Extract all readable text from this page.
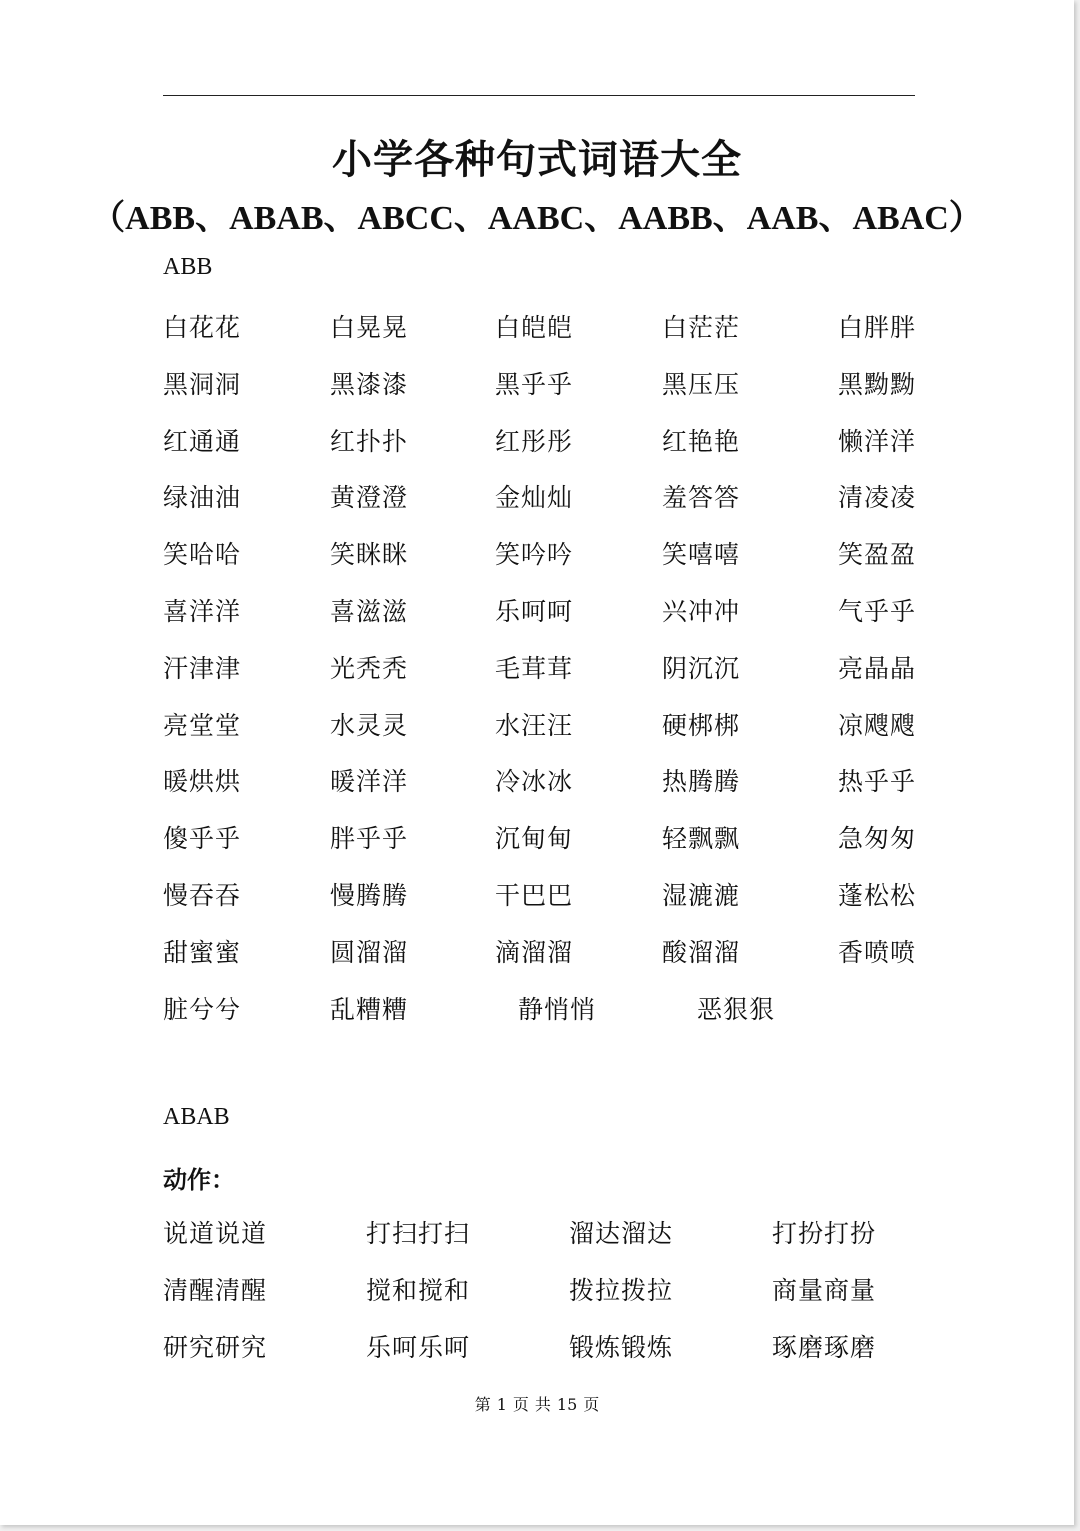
小学各种句式词语大全
（ABB、ABAB、ABCC、AABC、AABB、AAB、ABAC）
ABB
白花花	白晃晃	白皑皑	白茫茫	白胖胖
黑洞洞	黑漆漆	黑乎乎	黑压压	黑黝黝
红通通	红扑扑	红彤彤	红艳艳	懒洋洋
绿油油	黄澄澄	金灿灿	羞答答	清凌凌
笑哈哈	笑眯眯	笑吟吟	笑嘻嘻	笑盈盈
喜洋洋	喜滋滋	乐呵呵	兴冲冲	气乎乎
汗津津	光秃秃	毛茸茸	阴沉沉	亮晶晶
亮堂堂	水灵灵	水汪汪	硬梆梆	凉飕飕
暖烘烘	暖洋洋	冷冰冰	热腾腾	热乎乎
傻乎乎	胖乎乎	沉甸甸	轻飘飘	急匆匆
慢吞吞	慢腾腾	干巴巴	湿漉漉	蓬松松
甜蜜蜜	圆溜溜	滴溜溜	酸溜溜	香喷喷
脏兮兮	乱糟糟	静悄悄	恶狠狠
ABAB
动作：
说道说道	打扫打扫	溜达溜达	打扮打扮
清醒清醒	搅和搅和	拨拉拨拉	商量商量
研究研究	乐呵乐呵	锻炼锻炼	琢磨琢磨
第 1 页 共 15 页
